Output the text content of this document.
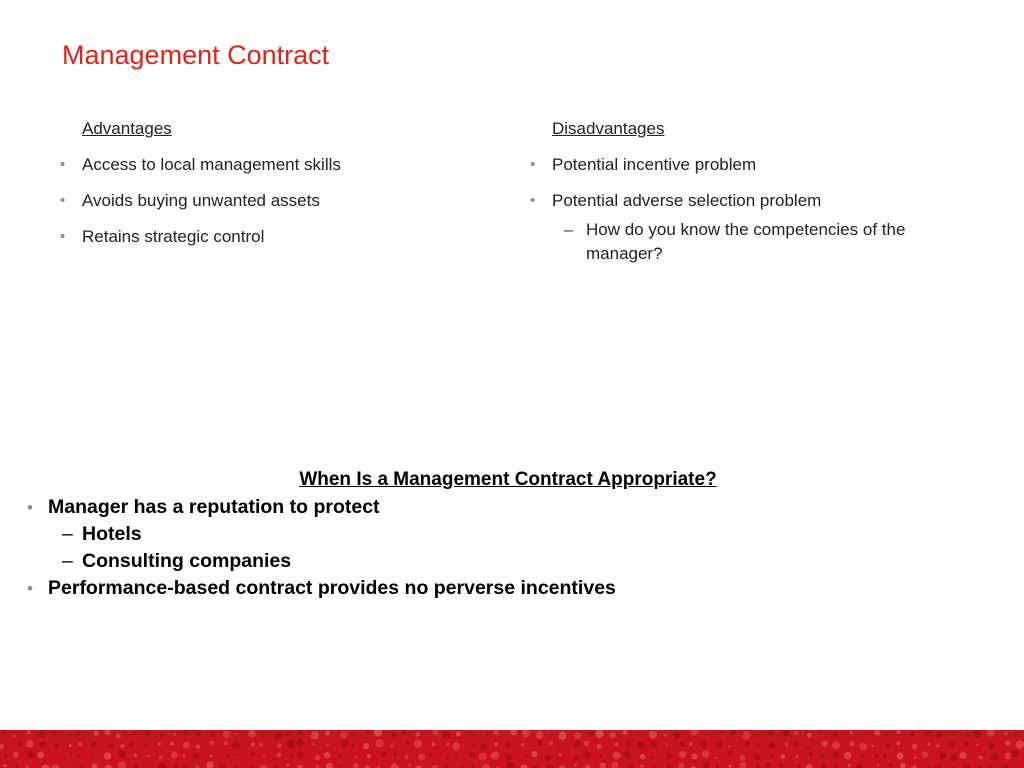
Management Contract
Advantages
• Access to local management skills
• Avoids buying unwanted assets
• Retains strategic control
Disadvantages
• Potential incentive problem
• Potential adverse selection problem
– How do you know the competencies of the manager?
When Is a Management Contract Appropriate?
• Manager has a reputation to protect
– Hotels
– Consulting companies
• Performance-based contract provides no perverse incentives
